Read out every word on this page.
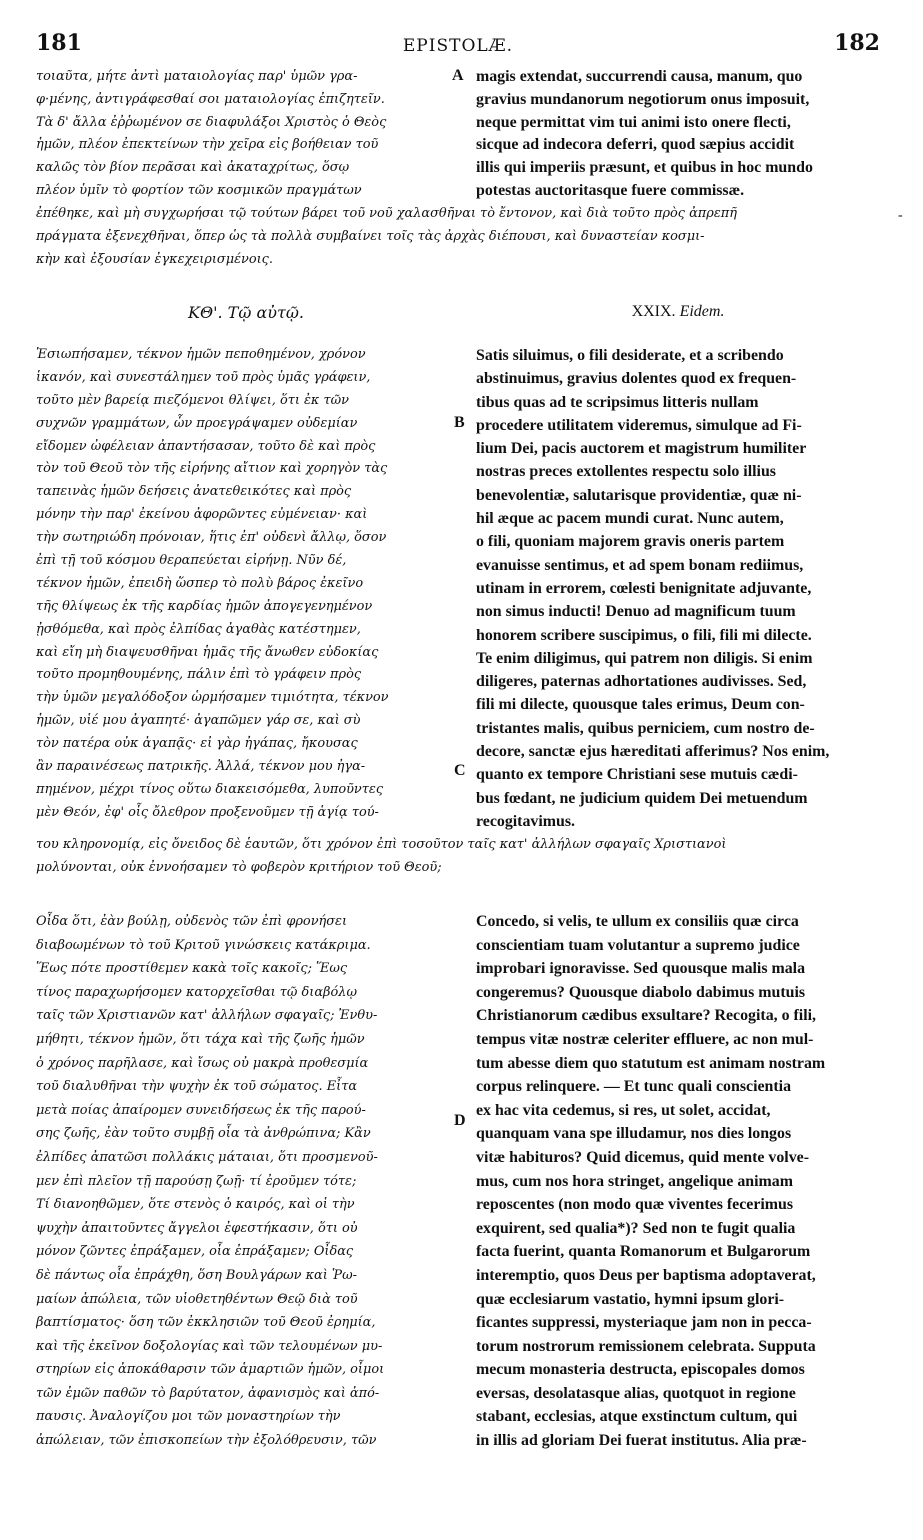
181	EPISTOLÆ.	182
τοιαῦτα, μήτε ἀντὶ ματαιολογίας παρ' ὑμῶν γρα-
φ·μένης, ἀντιγράφεσθαί σοι ματαιολογίας ἐπιζητεῖν.
Τὰ δ' ἄλλα ἐῤῥωμένον σε διαφυλάξοι Χριστὸς ὁ Θεὸς
ἡμῶν, πλέον ἐπεκτείνων τὴν χεῖρα εἰς βοήθειαν τοῦ
καλῶς τὸν βίον περᾶσαι καὶ ἀκαταχρίτως, ὅσῳ
πλέον ὑμῖν τὸ φορτίον τῶν κοσμικῶν πραγμάτων
A magis extendat, succurrendi causa, manum, quo
gravius mundanorum negotiorum onus imposuit,
neque permittat vim tui animi isto onere flecti,
sicque ad indecora deferri, quod sæpius accidit
illis qui imperiis præsunt, et quibus in hoc mundo
potestas auctoritasque fuere commissæ.
ἐπέθηκε, καὶ μὴ συγχωρήσαι τῷ τούτων βάρει τοῦ νοῦ χαλασθῆναι τὸ ἔντονον, καὶ διὰ τοῦτο πρὸς ἀπρεπῆ
πράγματα ἐξενεχθῆναι, ὅπερ ὡς τὰ πολλὰ συμβαίνει τοῖς τὰς ἀρχὰς διέπουσι, καὶ δυναστείαν κοσμι-
κὴν καὶ ἐξουσίαν ἐγκεχειρισμένοις.
-
ΚΘ'. Τῷ αὐτῷ.	XXIX. Eidem.
Ἐσιωπήσαμεν, τέκνον ἡμῶν πεποθημένον, χρόνον
ἱκανόν, καὶ συνεστάλημεν τοῦ πρὸς ὑμᾶς γράφειν,
τοῦτο μὲν βαρείᾳ πιεζόμενοι θλίψει, ὅτι ἐκ τῶν
συχνῶν γραμμάτων, ὧν προεγράψαμεν οὐδεμίαν
εἴδομεν ὠφέλειαν ἀπαντήσασαν, τοῦτο δὲ καὶ πρὸς
τὸν τοῦ Θεοῦ τὸν τῆς εἰρήνης αἴτιον καὶ χορηγὸν τὰς
ταπεινὰς ἡμῶν δεήσεις ἀνατεθεικότες καὶ πρὸς
μόνην τὴν παρ' ἐκείνου ἀφορῶντες εὐμένειαν· καὶ
τὴν σωτηριώδη πρόνοιαν, ἥτις ἐπ' οὐδενὶ ἄλλῳ, ὅσον
ἐπὶ τῇ τοῦ κόσμου θεραπεύεται εἰρήνῃ. Νῦν δέ,
τέκνον ἡμῶν, ἐπειδὴ ὥσπερ τὸ πολὺ βάρος ἐκεῖνο
τῆς θλίψεως ἐκ τῆς καρδίας ἡμῶν ἀπογεγενημένον
ᾐσθόμεθα, καὶ πρὸς ἐλπίδας ἀγαθὰς κατέστημεν,
καὶ εἴη μὴ διαψευσθῆναι ἡμᾶς τῆς ἄνωθεν εὐδοκίας
τοῦτο προμηθουμένης, πάλιν ἐπὶ τὸ γράφειν πρὸς
τὴν ὑμῶν μεγαλόδοξον ὡρμήσαμεν τιμιότητα, τέκνον
ἡμῶν, υἱέ μου ἀγαπητέ· ἀγαπῶμεν γάρ σε, καὶ σὺ
τὸν πατέρα οὐκ ἀγαπᾷς· εἰ γὰρ ἠγάπας, ἤκουσας
ἂν παραινέσεως πατρικῆς. Ἀλλά, τέκνον μου ἠγα-
πημένον, μέχρι τίνος οὕτω διακεισόμεθα, λυποῦντες
μὲν Θεόν, ἐφ' οἷς ὄλεθρον προξενοῦμεν τῇ ἁγίᾳ τού-
B
C
Satis siluimus, o fili desiderate, et a scribendo
abstinuimus, gravius dolentes quod ex frequen-
tibus quas ad te scripsimus litteris nullam
procedere utilitatem videremus, simulque ad Fi-
lium Dei, pacis auctorem et magistrum humiliter
nostras preces extollentes respectu solo illius
benevolentiæ, salutarisque providentiæ, quæ ni-
hil æque ac pacem mundi curat. Nunc autem,
o fili, quoniam majorem gravis oneris partem
evanuisse sentimus, et ad spem bonam rediimus,
utinam in errorem, cœlesti benignitate adjuvante,
non simus inducti! Denuo ad magnificum tuum
honorem scribere suscipimus, o fili, fili mi dilecte.
Te enim diligimus, qui patrem non diligis. Si enim
diligeres, paternas adhortationes audivisses. Sed,
fili mi dilecte, quousque tales erimus, Deum con-
tristantes malis, quibus perniciem, cum nostro de-
decore, sanctæ ejus hæreditati afferimus? Nos enim,
quanto ex tempore Christiani sese mutuis cædi-
bus fœdant, ne judicium quidem Dei metuendum
recogitavimus.
του κληρονομίᾳ, εἰς ὄνειδος δὲ ἑαυτῶν, ὅτι χρόνον ἐπὶ τοσοῦτον ταῖς κατ' ἀλλήλων σφαγαῖς Χριστιανοὶ
μολύνονται, οὐκ ἐννοήσαμεν τὸ φοβερὸν κριτήριον τοῦ Θεοῦ;
Οἶδα ὅτι, ἐὰν βούλῃ, οὐδενὸς τῶν ἐπὶ φρονήσει
διαβοωμένων τὸ τοῦ Κριτοῦ γινώσκεις κατάκριμα.
Ἕως πότε προστίθεμεν κακὰ τοῖς κακοῖς; Ἕως
τίνος παραχωρήσομεν κατορχεῖσθαι τῷ διαβόλῳ
ταῖς τῶν Χριστιανῶν κατ' ἀλλήλων σφαγαῖς; Ἐνθυ-
μήθητι, τέκνον ἡμῶν, ὅτι τάχα καὶ τῆς ζωῆς ἡμῶν
ὁ χρόνος παρῆλασε, καὶ ἴσως οὐ μακρὰ προθεσμία
τοῦ διαλυθῆναι τὴν ψυχὴν ἐκ τοῦ σώματος. Εἶτα
μετὰ ποίας ἀπαίρομεν συνειδήσεως ἐκ τῆς παρού-
σης ζωῆς, ἐὰν τοῦτο συμβῇ οἷα τὰ ἀνθρώπινα; Κἂν
ἐλπίδες ἀπατῶσι πολλάκις μάταιαι, ὅτι προσμενοῦ-
μεν ἐπὶ πλεῖον τῇ παρούσῃ ζωῇ· τί ἐροῦμεν τότε;
Τί διανοηθῶμεν, ὅτε στενὸς ὁ καιρός, καὶ οἱ τὴν
ψυχὴν ἀπαιτοῦντες ἄγγελοι ἐφεστήκασιν, ὅτι οὐ
μόνον ζῶντες ἐπράξαμεν, οἷα ἐπράξαμεν; Οἶδας
δὲ πάντως οἷα ἐπράχθη, ὅση Βουλγάρων καὶ Ῥω-
μαίων ἀπώλεια, τῶν υἱοθετηθέντων Θεῷ διὰ τοῦ
βαπτίσματος· ὅση τῶν ἐκκλησιῶν τοῦ Θεοῦ ἐρημία,
καὶ τῆς ἐκεῖνον δοξολογίας καὶ τῶν τελουμένων μυ-
στηρίων εἰς ἀποκάθαρσιν τῶν ἁμαρτιῶν ἡμῶν, οἶμοι
τῶν ἐμῶν παθῶν τὸ βαρύτατον, ἀφανισμὸς καὶ ἀπό-
παυσις. Ἀναλογίζου μοι τῶν μοναστηρίων τὴν
ἀπώλειαν, τῶν ἐπισκοπείων τὴν ἐξολόθρευσιν, τῶν
D
Concedo, si velis, te ullum ex consiliis quæ circa
conscientiam tuam volutantur a supremo judice
improbari ignoravisse. Sed quousque malis mala
congeremus? Quousque diabolo dabimus mutuis
Christianorum cædibus exsultare? Recogita, o fili,
tempus vitæ nostræ celeriter effluere, ac non mul-
tum abesse diem quo statutum est animam nostram
corpus relinquere. — Et tunc quali conscientia
ex hac vita cedemus, si res, ut solet, accidat,
quanquam vana spe illudamur, nos dies longos
vitæ habituros? Quid dicemus, quid mente volve-
mus, cum nos hora stringet, angelique animam
reposcentes (non modo quæ viventes fecerimus
exquirent, sed qualia*)? Sed non te fugit qualia
facta fuerint, quanta Romanorum et Bulgarorum
interemptio, quos Deus per baptisma adoptaverat,
quæ ecclesiarum vastatio, hymni ipsum glori-
ficantes suppressi, mysteriaque jam non in pecca-
torum nostrorum remissionem celebrata. Supputa
mecum monasteria destructa, episcopales domos
eversas, desolatasque alias, quotquot in regione
stabant, ecclesias, atque exstinctum cultum, qui
in illis ad gloriam Dei fuerat institutus. Alia præ-
